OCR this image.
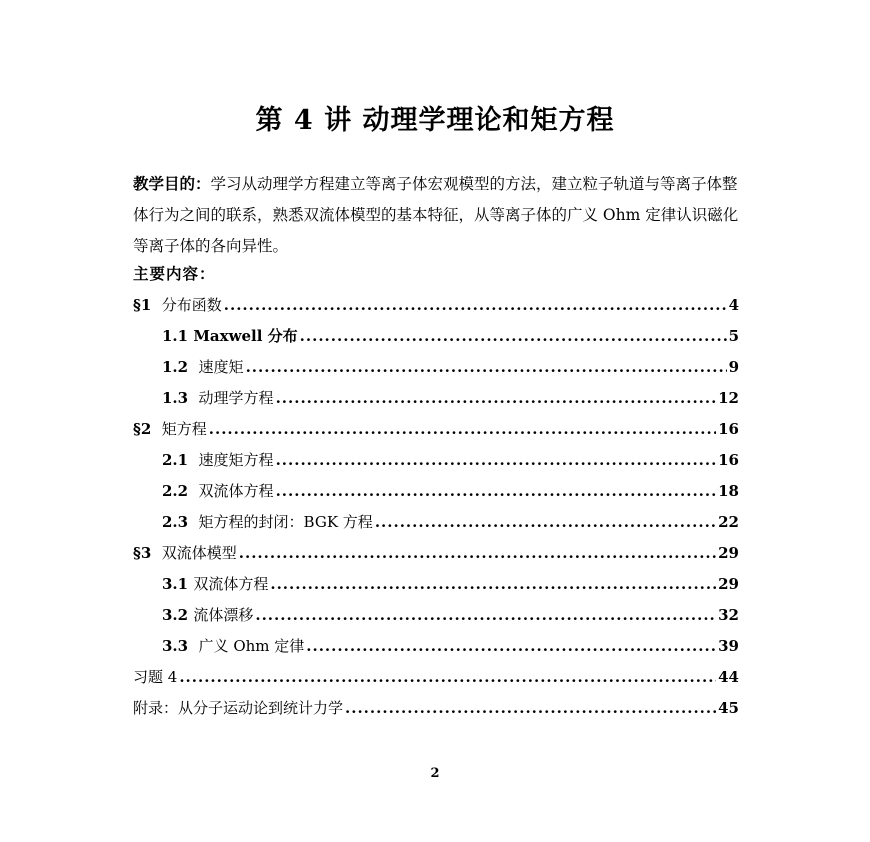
第 4 讲 动理学理论和矩方程
教学目的：学习从动理学方程建立等离子体宏观模型的方法，建立粒子轨道与等离子体整体行为之间的联系，熟悉双流体模型的基本特征，从等离子体的广义 Ohm 定律认识磁化等离子体的各向异性。
主要内容：
§1 分布函数 .....	4
1.1 Maxwell 分布 .....	5
1.2 速度矩 .....	9
1.3 动理学方程 .....	12
§2 矩方程 .....	16
2.1 速度矩方程 .....	16
2.2 双流体方程 .....	18
2.3 矩方程的封闭：BGK 方程 .....	22
§3 双流体模型 .....	29
3.1 双流体方程 .....	29
3.2 流体漂移 .....	32
3.3 广义 Ohm 定律 .....	39
习题 4 .....	44
附录：从分子运动论到统计力学 .....	45
2
